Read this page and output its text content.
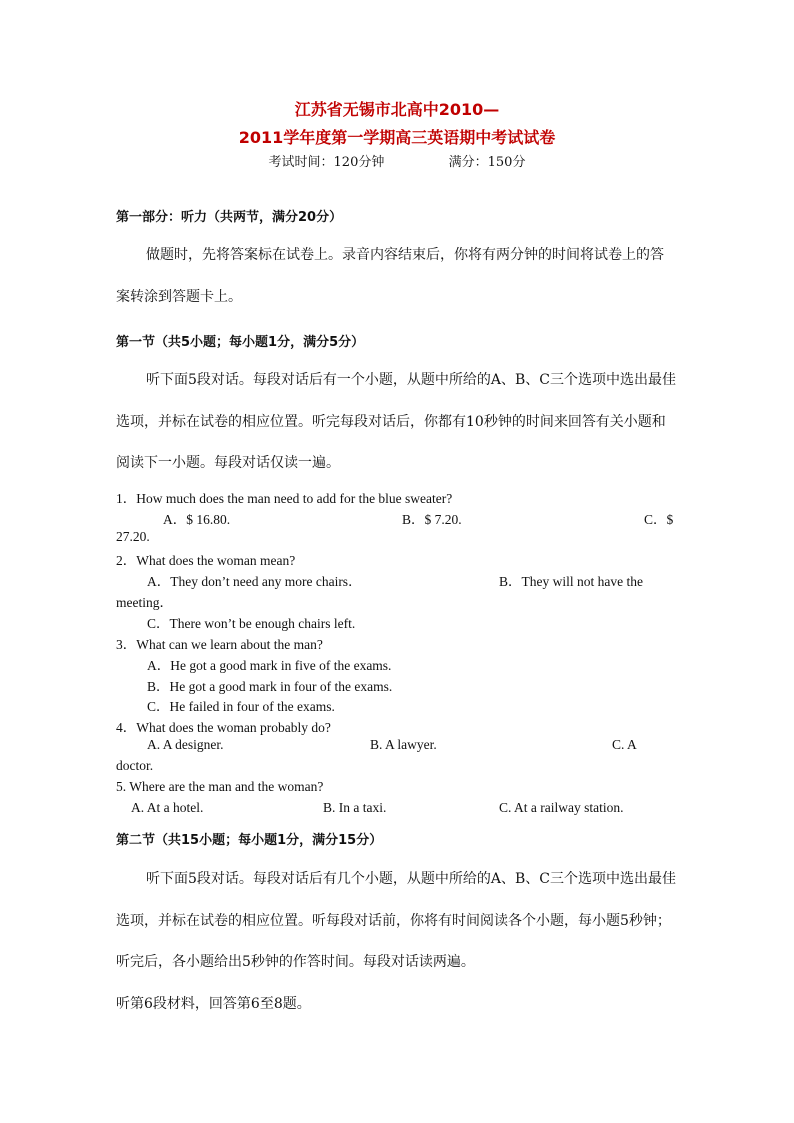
江苏省无锡市北高中2010—
2011学年度第一学期高三英语期中考试试卷
考试时间：120分钟	满分：150分
第一部分：听力（共两节，满分20分）

做题时，先将答案标在试卷上。录音内容结束后，你将有两分钟的时间将试卷上的答案转涂到答题卡上。

第一节（共5小题；每小题1分，满分5分）

听下面5段对话。每段对话后有一个小题，从题中所给的A、B、C三个选项中选出最佳选项，并标在试卷的相应位置。听完每段对话后，你都有10秒钟的时间来回答有关小题和阅读下一小题。每段对话仅读一遍。

1．How much does the man need to add for the blue sweater?
A．$ 16.80.	B．$ 7.20.	C．$
27.20.
2．What does the woman mean?
A．They don’t need any more chairs．	B．They will not have the
meeting．
C．There won’t be enough chairs left.
3．What can we learn about the man?
A．He got a good mark in five of the exams.
B．He got a good mark in four of the exams.
C．He failed in four of the exams.
4．What does the woman probably do?
A. A designer.	B. A lawyer.	C. A
doctor.
5. Where are the man and the woman?
A. At a hotel.	B. In a taxi.	C. At a railway station.
第二节（共15小题；每小题1分，满分15分）

听下面5段对话。每段对话后有几个小题，从题中所给的A、B、C三个选项中选出最佳选项，并标在试卷的相应位置。听每段对话前，你将有时间阅读各个小题，每小题5秒钟；听完后，各小题给出5秒钟的作答时间。每段对话读两遍。

听第6段材料，回答第6至8题。
